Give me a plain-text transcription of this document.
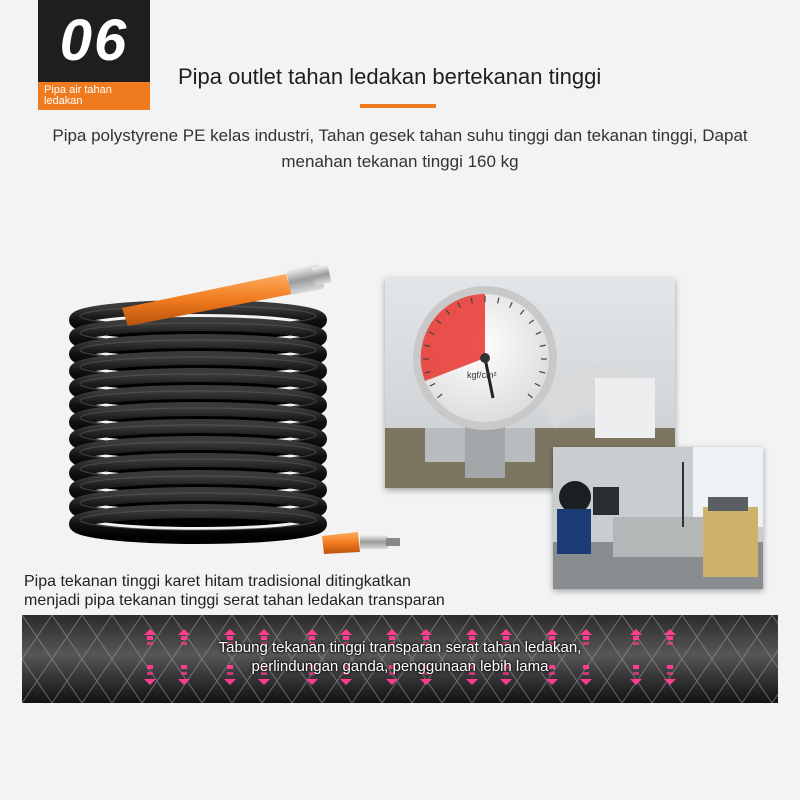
06
Pipa air tahan ledakan
Pipa outlet tahan ledakan bertekanan tinggi
Pipa polystyrene PE kelas industri, Tahan gesek tahan suhu tinggi dan tekanan tinggi, Dapat menahan tekanan tinggi 160 kg
kgf/cm²
Pipa tekanan tinggi karet hitam tradisional ditingkatkan
menjadi pipa tekanan tinggi serat tahan ledakan transparan
Tabung tekanan tinggi transparan serat tahan ledakan,
perlindungan ganda, penggunaan lebih lama
